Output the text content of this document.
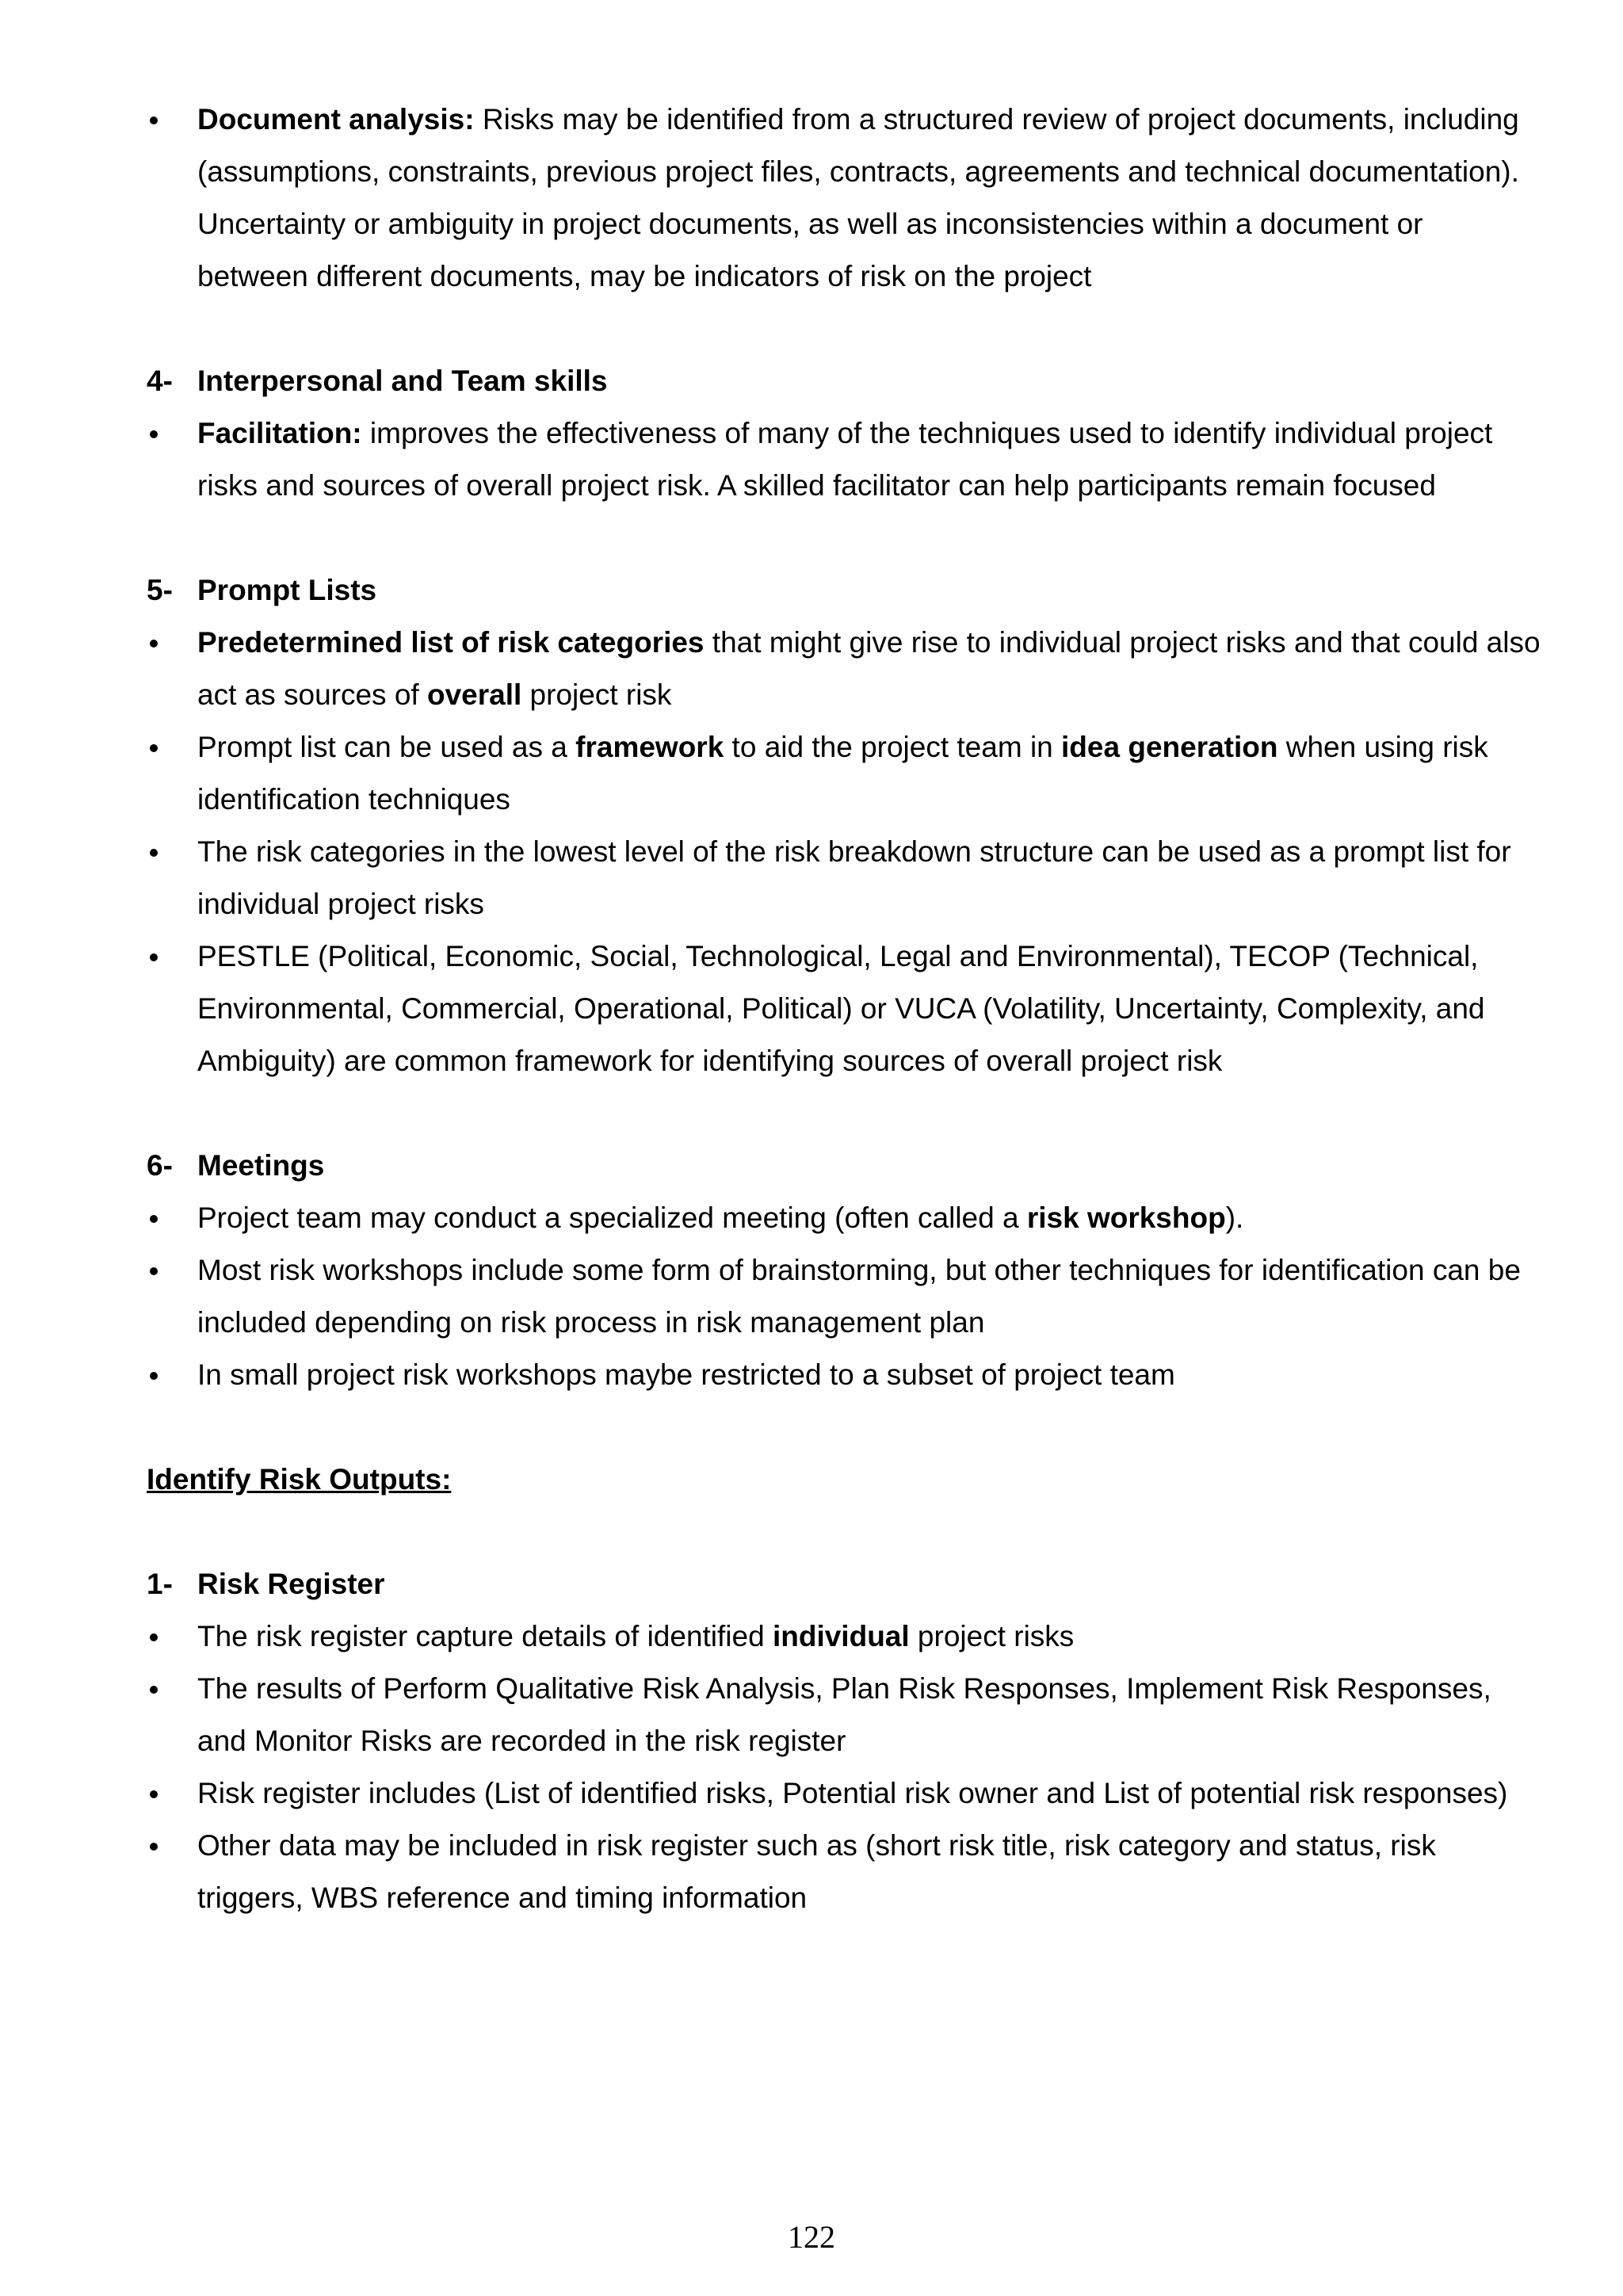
Document analysis: Risks may be identified from a structured review of project documents, including (assumptions, constraints, previous project files, contracts, agreements and technical documentation). Uncertainty or ambiguity in project documents, as well as inconsistencies within a document or between different documents, may be indicators of risk on the project
4- Interpersonal and Team skills
Facilitation: improves the effectiveness of many of the techniques used to identify individual project risks and sources of overall project risk. A skilled facilitator can help participants remain focused
5- Prompt Lists
Predetermined list of risk categories that might give rise to individual project risks and that could also act as sources of overall project risk
Prompt list can be used as a framework to aid the project team in idea generation when using risk identification techniques
The risk categories in the lowest level of the risk breakdown structure can be used as a prompt list for individual project risks
PESTLE (Political, Economic, Social, Technological, Legal and Environmental), TECOP (Technical, Environmental, Commercial, Operational, Political) or VUCA (Volatility, Uncertainty, Complexity, and Ambiguity) are common framework for identifying sources of overall project risk
6- Meetings
Project team may conduct a specialized meeting (often called a risk workshop).
Most risk workshops include some form of brainstorming, but other techniques for identification can be included depending on risk process in risk management plan
In small project risk workshops maybe restricted to a subset of project team
Identify Risk Outputs:
1- Risk Register
The risk register capture details of identified individual project risks
The results of Perform Qualitative Risk Analysis, Plan Risk Responses, Implement Risk Responses, and Monitor Risks are recorded in the risk register
Risk register includes (List of identified risks, Potential risk owner and List of potential risk responses)
Other data may be included in risk register such as (short risk title, risk category and status, risk triggers, WBS reference and timing information
122
